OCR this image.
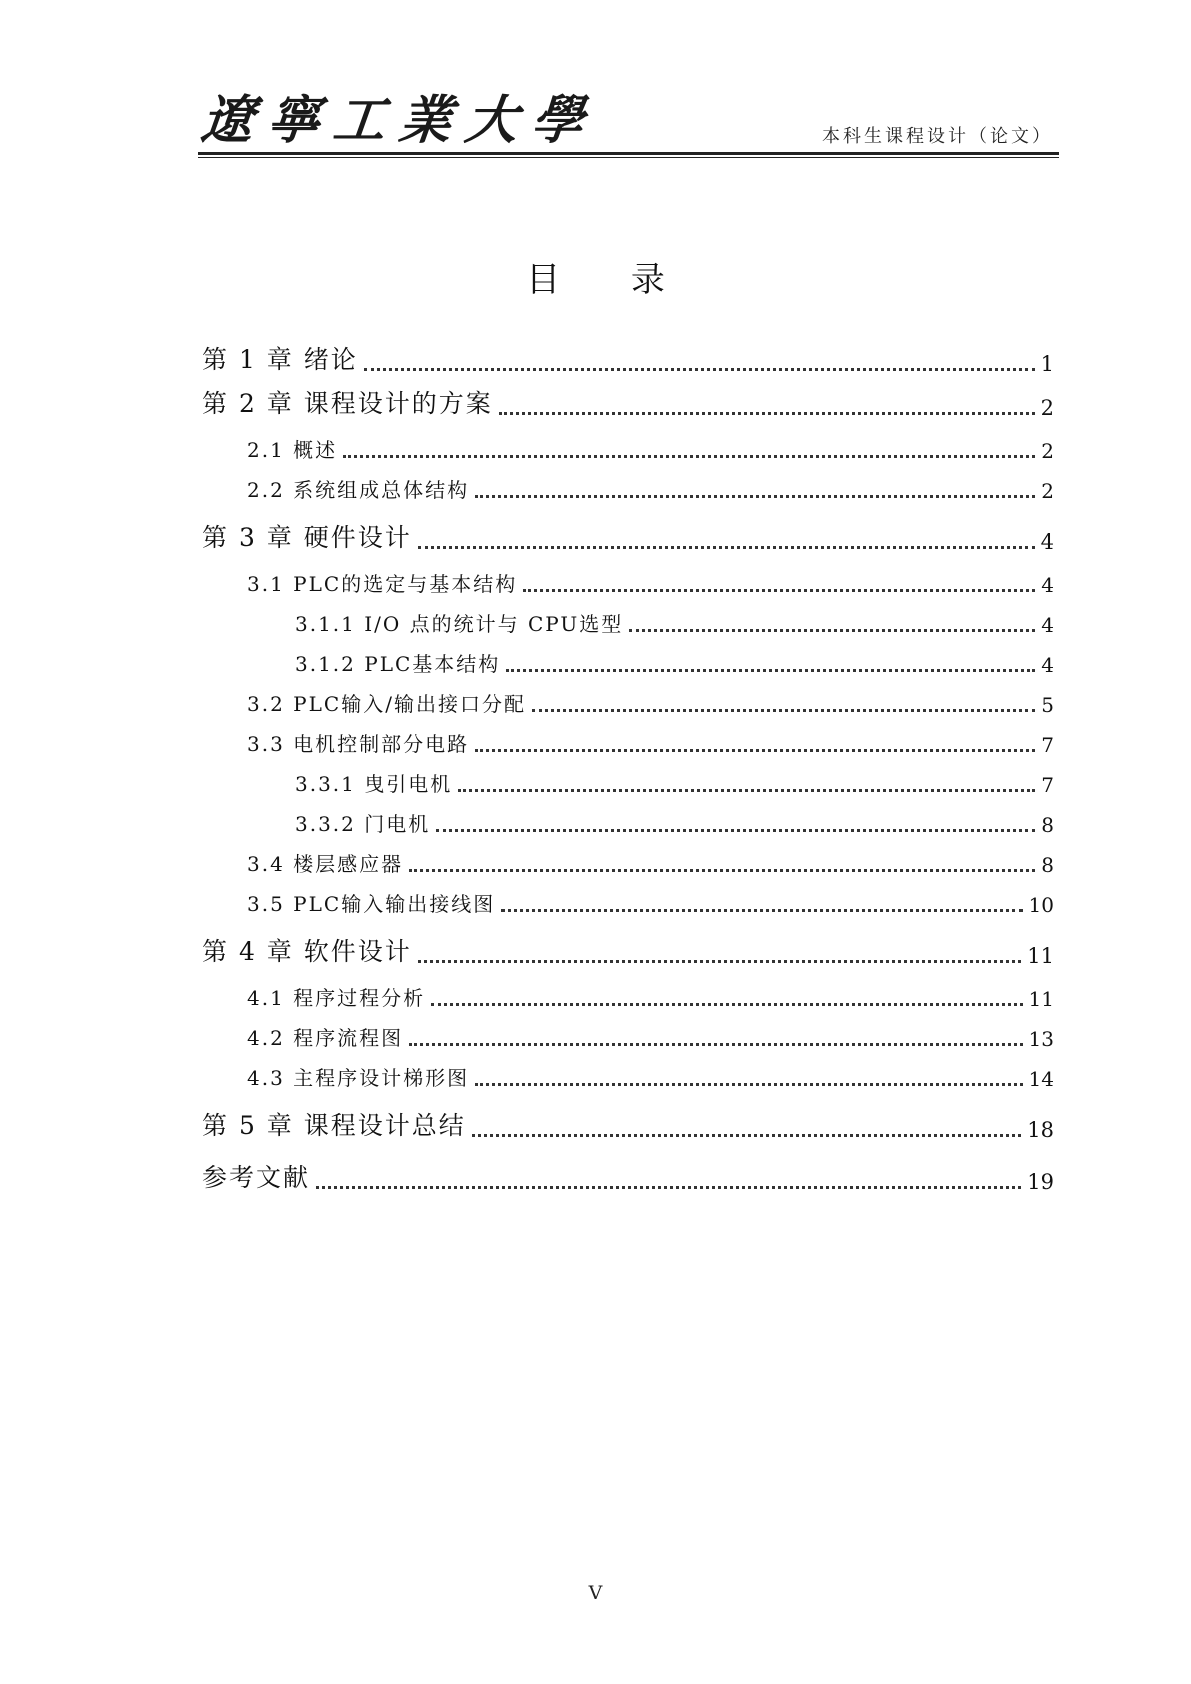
遼寧工業大學	本科生课程设计（论文）
目 录
第 1 章 绪论	1
第 2 章 课程设计的方案	2
2.1 概述	2
2.2 系统组成总体结构	2
第 3 章 硬件设计	4
3.1 PLC的选定与基本结构	4
3.1.1 I/O 点的统计与 CPU选型	4
3.1.2 PLC基本结构	4
3.2 PLC输入/输出接口分配	5
3.3 电机控制部分电路	7
3.3.1 曳引电机	7
3.3.2 门电机	8
3.4 楼层感应器	8
3.5 PLC输入输出接线图	10
第 4 章 软件设计	11
4.1 程序过程分析	11
4.2 程序流程图	13
4.3 主程序设计梯形图	14
第 5 章 课程设计总结	18
参考文献	19
V
